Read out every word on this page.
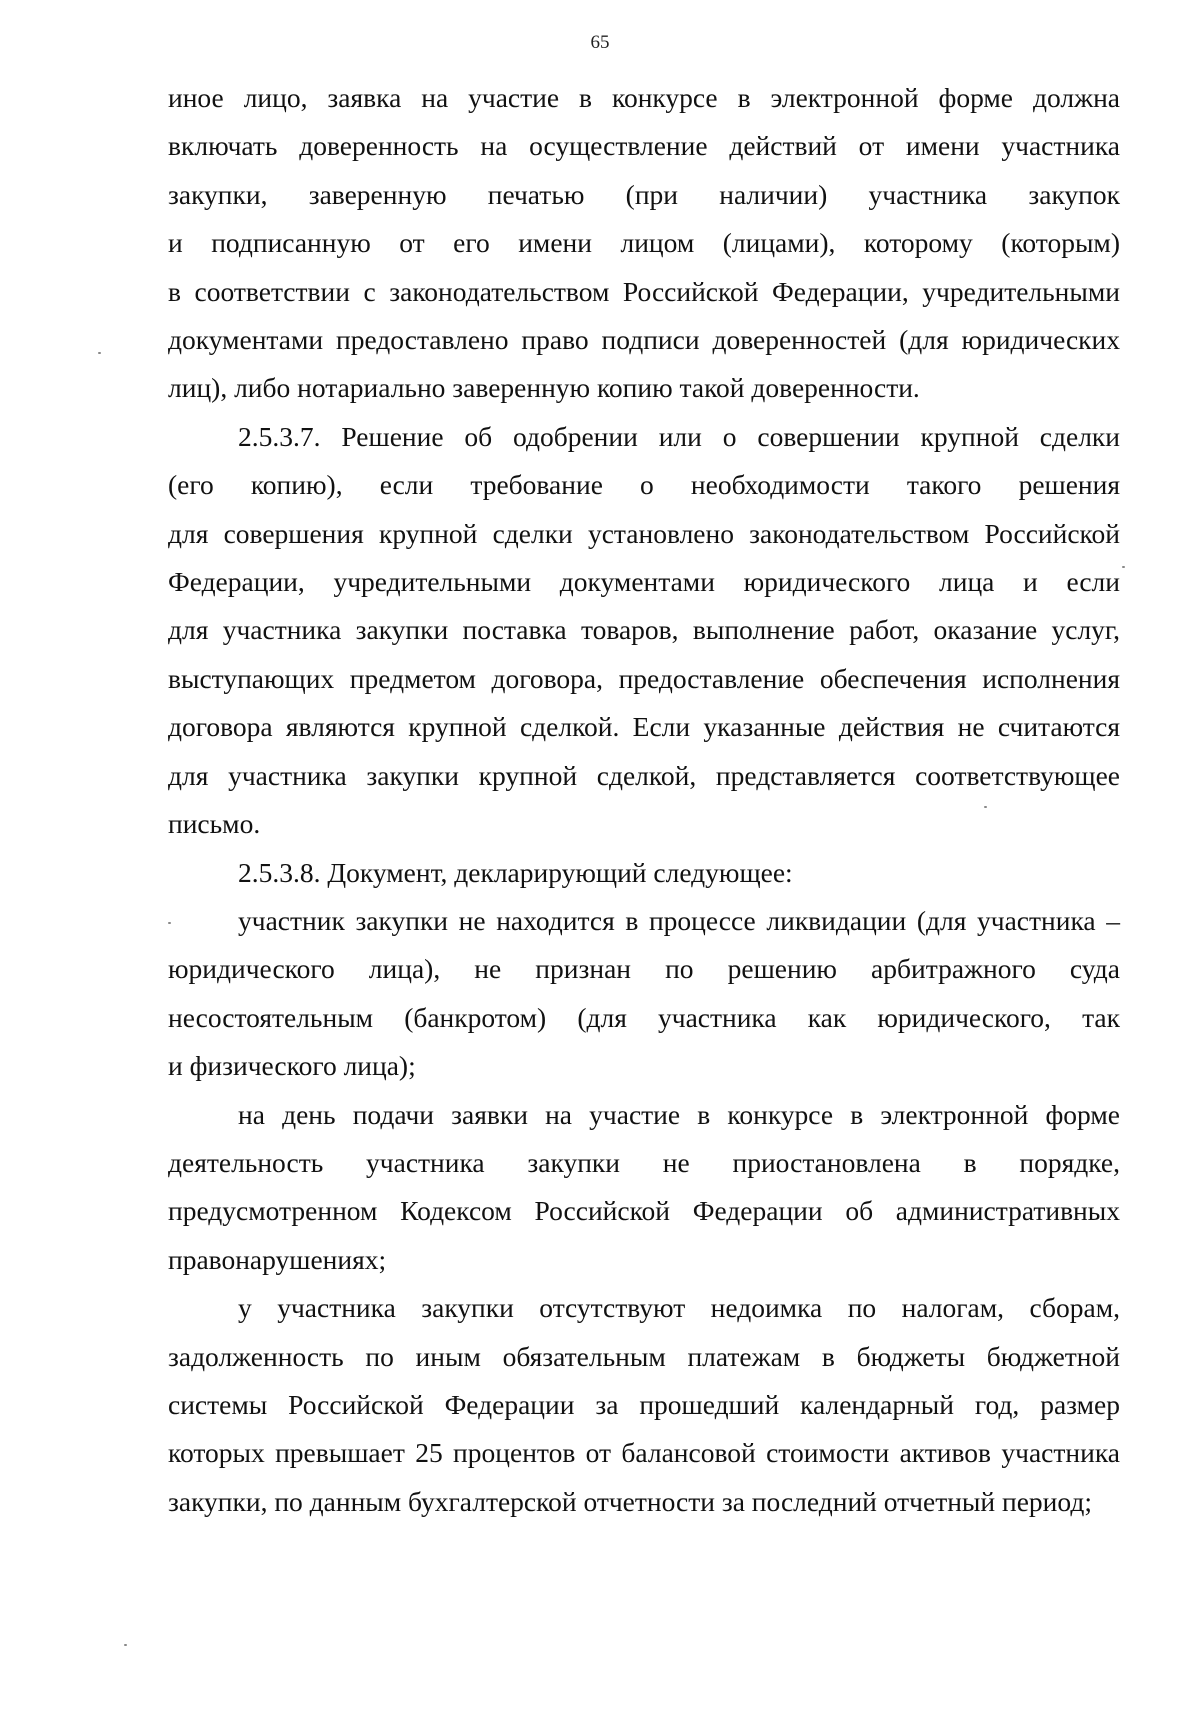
65

иное лицо, заявка на участие в конкурсе в электронной форме должна
включать доверенность на осуществление действий от имени участника
закупки, заверенную печатью (при наличии) участника закупок
и подписанную от его имени лицом (лицами), которому (которым)
в соответствии с законодательством Российской Федерации, учредительными
документами предоставлено право подписи доверенностей (для юридических
лиц), либо нотариально заверенную копию такой доверенности.

2.5.3.7. Решение об одобрении или о совершении крупной сделки
(его копию), если требование о необходимости такого решения
для совершения крупной сделки установлено законодательством Российской
Федерации, учредительными документами юридического лица и если
для участника закупки поставка товаров, выполнение работ, оказание услуг,
выступающих предметом договора, предоставление обеспечения исполнения
договора являются крупной сделкой. Если указанные действия не считаются
для участника закупки крупной сделкой, представляется соответствующее
письмо.

2.5.3.8. Документ, декларирующий следующее:

участник закупки не находится в процессе ликвидации (для участника –
юридического лица), не признан по решению арбитражного суда
несостоятельным (банкротом) (для участника как юридического, так
и физического лица);

на день подачи заявки на участие в конкурсе в электронной форме
деятельность участника закупки не приостановлена в порядке,
предусмотренном Кодексом Российской Федерации об административных
правонарушениях;

у участника закупки отсутствуют недоимка по налогам, сборам,
задолженность по иным обязательным платежам в бюджеты бюджетной
системы Российской Федерации за прошедший календарный год, размер
которых превышает 25 процентов от балансовой стоимости активов участника
закупки, по данным бухгалтерской отчетности за последний отчетный период;
